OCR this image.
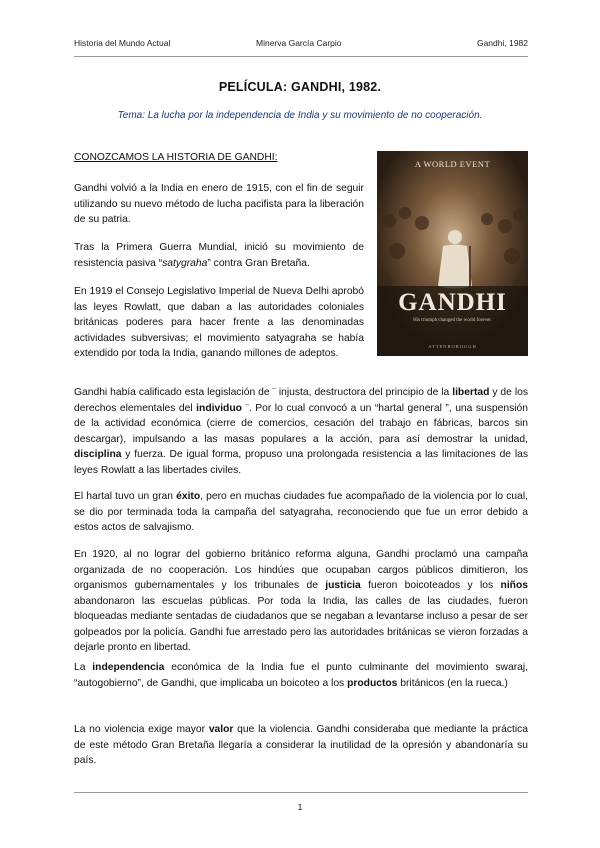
Historia del Mundo Actual	Minerva García Carpio	Gandhi, 1982
PELÍCULA: GANDHI, 1982.
Tema: La lucha por la independencia de India y su movimiento de no cooperación.
CONOZCAMOS LA HISTORIA DE GANDHI:
A WORLD EVENT
GANDHI
His triumph changed the world forever.
ATTENBOROUGH

Gandhi volvió a la India en enero de 1915, con el fin de seguir utilizando su nuevo método de lucha pacifista para la liberación de su patria.

Tras la Primera Guerra Mundial, inició su movimiento de resistencia pasiva “satygraha” contra Gran Bretaña.

En 1919 el Consejo Legislativo Imperial de Nueva Delhi aprobó las leyes Rowlatt, que daban a las autoridades coloniales británicas poderes para hacer frente a las denominadas actividades subversivas; el movimiento satyagraha se había extendido por toda la India, ganando millones de adeptos.

Gandhi había calificado esta legislación de ¨ injusta, destructora del principio de la libertad y de los derechos elementales del individuo ¨. Por lo cual convocó a un “hartal general ”, una suspensión de la actividad económica (cierre de comercios, cesación del trabajo en fábricas, barcos sin descargar), impulsando a las masas populares a la acción, para así demostrar la unidad, disciplina y fuerza. De igual forma, propuso una prolongada resistencia a las limitaciones de las leyes Rowlatt a las libertades civiles.

El hartal tuvo un gran éxito, pero en muchas ciudades fue acompañado de la violencia por lo cual, se dio por terminada toda la campaña del satyagraha, reconociendo que fue un error debido a estos actos de salvajismo.

En 1920, al no lograr del gobierno británico reforma alguna, Gandhi proclamó una campaña organizada de no cooperación. Los hindúes que ocupaban cargos públicos dimitieron, los organismos gubernamentales y los tribunales de justicia fueron boicoteados y los niños abandonaron las escuelas públicas. Por toda la India, las calles de las ciudades, fueron bloqueadas mediante sentadas de ciudadanos que se negaban a levantarse incluso a pesar de ser golpeados por la policía. Gandhi fue arrestado pero las autoridades británicas se vieron forzadas a dejarle pronto en libertad.

La independencia económica de la India fue el punto culminante del movimiento swaraj, “autogobierno”, de Gandhi, que implicaba un boicoteo a los productos británicos (en la rueca.)

La no violencia exige mayor valor que la violencia. Gandhi consideraba que mediante la práctica de este método Gran Bretaña llegaría a considerar la inutilidad de la opresión y abandonaría su país.

1
